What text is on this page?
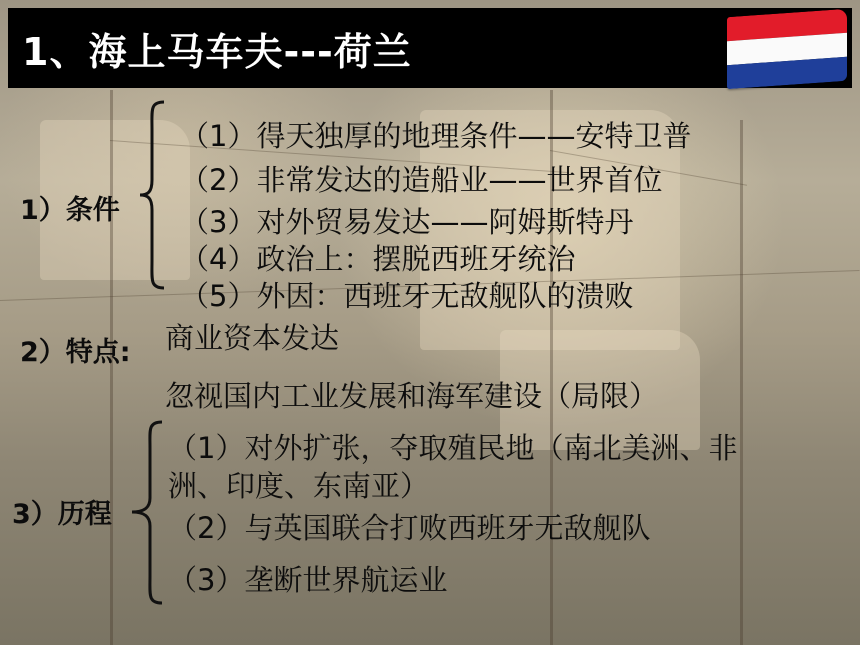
1、海上马车夫---荷兰
1）条件
（1）得天独厚的地理条件——安特卫普
（2）非常发达的造船业——世界首位
（3）对外贸易发达——阿姆斯特丹
（4）政治上：摆脱西班牙统治
（5）外因：西班牙无敌舰队的溃败
2）特点: 商业资本发达
忽视国内工业发展和海军建设（局限）
3）历程
（1）对外扩张，夺取殖民地（南北美洲、非
洲、印度、东南亚）
（2）与英国联合打败西班牙无敌舰队
（3）垄断世界航运业
